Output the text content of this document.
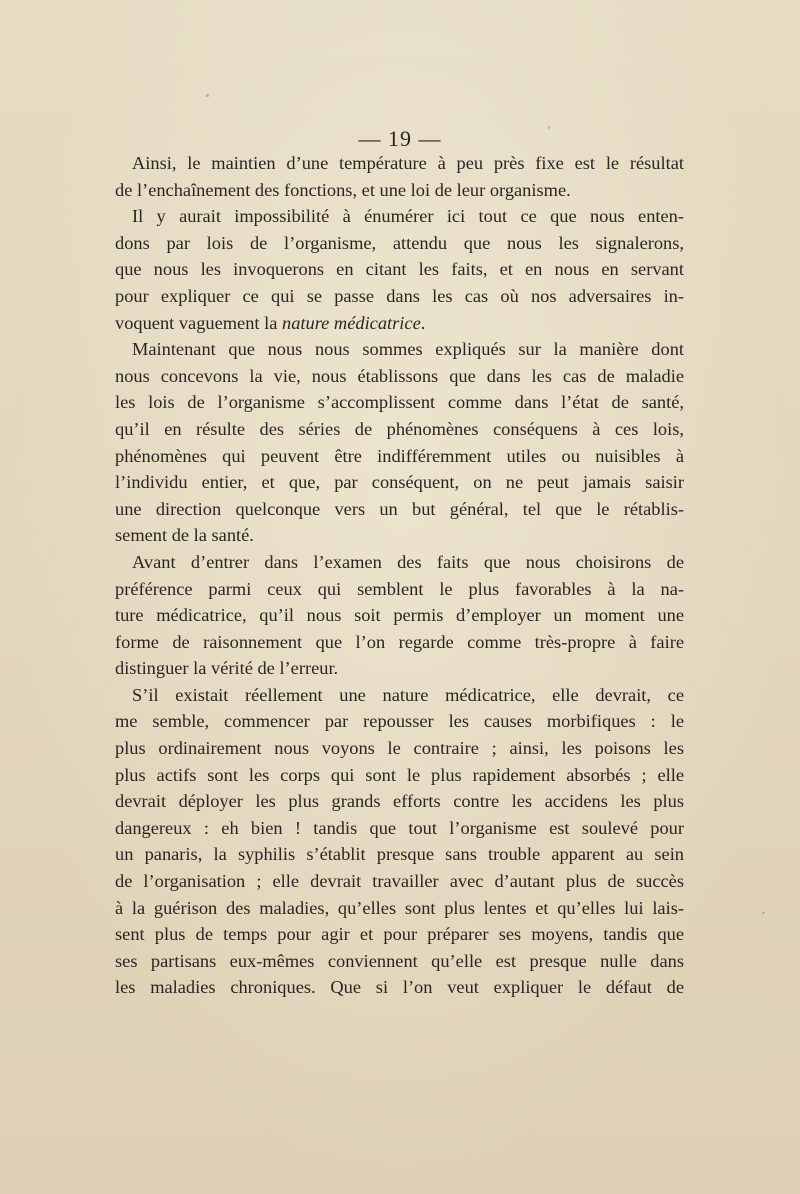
— 19 —
Ainsi, le maintien d’une température à peu près fixe est le résultat
de l’enchaînement des fonctions, et une loi de leur organisme.
Il y aurait impossibilité à énumérer ici tout ce que nous enten-
dons par lois de l’organisme, attendu que nous les signalerons,
que nous les invoquerons en citant les faits, et en nous en servant
pour expliquer ce qui se passe dans les cas où nos adversaires in-
voquent vaguement la nature médicatrice.
Maintenant que nous nous sommes expliqués sur la manière dont
nous concevons la vie, nous établissons que dans les cas de maladie
les lois de l’organisme s’accomplissent comme dans l’état de santé,
qu’il en résulte des séries de phénomènes conséquens à ces lois,
phénomènes qui peuvent être indifféremment utiles ou nuisibles à
l’individu entier, et que, par conséquent, on ne peut jamais saisir
une direction quelconque vers un but général, tel que le rétablis-
sement de la santé.
Avant d’entrer dans l’examen des faits que nous choisirons de
préférence parmi ceux qui semblent le plus favorables à la na-
ture médicatrice, qu’il nous soit permis d’employer un moment une
forme de raisonnement que l’on regarde comme très-propre à faire
distinguer la vérité de l’erreur.
S’il existait réellement une nature médicatrice, elle devrait, ce
me semble, commencer par repousser les causes morbifiques : le
plus ordinairement nous voyons le contraire ; ainsi, les poisons les
plus actifs sont les corps qui sont le plus rapidement absorbés ; elle
devrait déployer les plus grands efforts contre les accidens les plus
dangereux : eh bien ! tandis que tout l’organisme est soulevé pour
un panaris, la syphilis s’établit presque sans trouble apparent au sein
de l’organisation ; elle devrait travailler avec d’autant plus de succès
à la guérison des maladies, qu’elles sont plus lentes et qu’elles lui lais-
sent plus de temps pour agir et pour préparer ses moyens, tandis que
ses partisans eux-mêmes conviennent qu’elle est presque nulle dans
les maladies chroniques. Que si l’on veut expliquer le défaut de
